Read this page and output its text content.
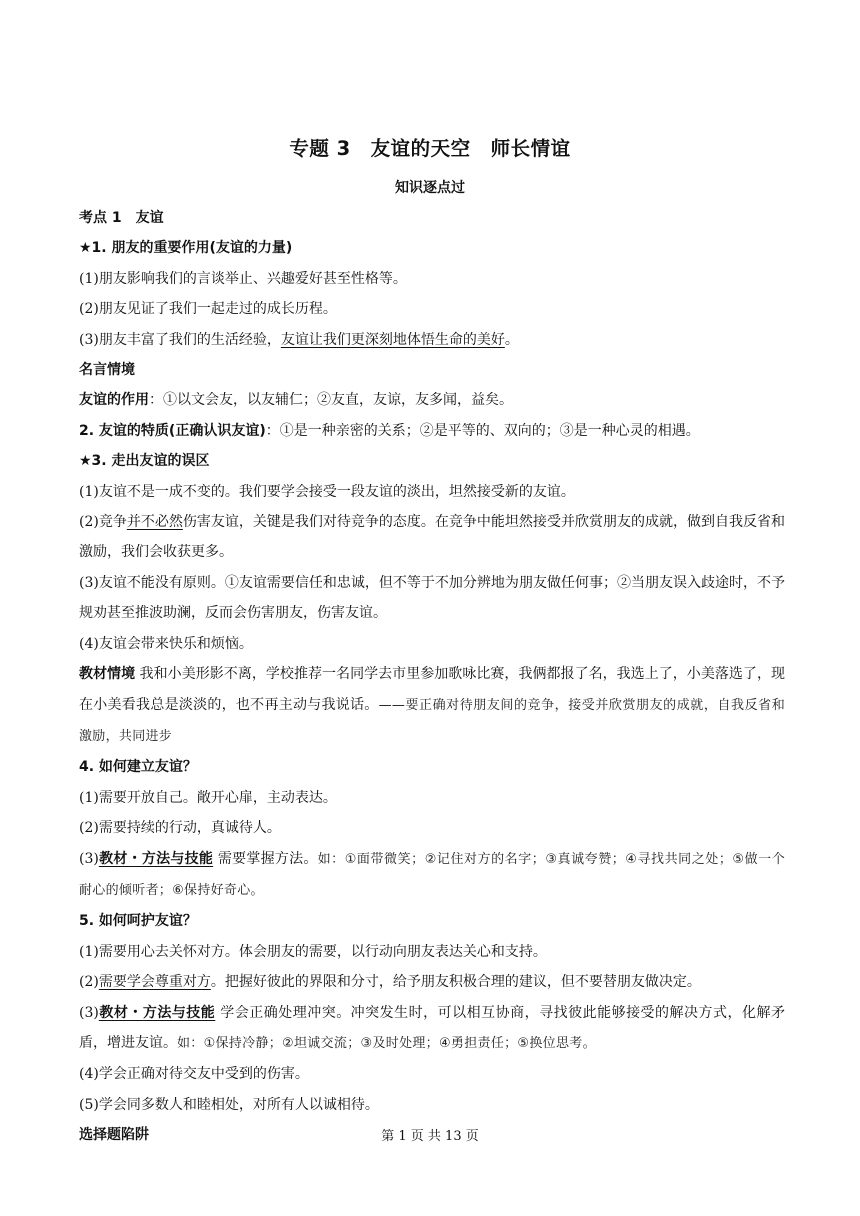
专题 3　友谊的天空　师长情谊
知识逐点过

考点 1　友谊

★1. 朋友的重要作用(友谊的力量)

(1)朋友影响我们的言谈举止、兴趣爱好甚至性格等。

(2)朋友见证了我们一起走过的成长历程。

(3)朋友丰富了我们的生活经验，友谊让我们更深刻地体悟生命的美好。

名言情境

友谊的作用：①以文会友，以友辅仁；②友直，友谅，友多闻，益矣。

2. 友谊的特质(正确认识友谊)：①是一种亲密的关系；②是平等的、双向的；③是一种心灵的相遇。

★3. 走出友谊的误区

(1)友谊不是一成不变的。我们要学会接受一段友谊的淡出，坦然接受新的友谊。

(2)竞争并不必然伤害友谊，关键是我们对待竞争的态度。在竞争中能坦然接受并欣赏朋友的成就，做到自我反省和激励，我们会收获更多。

(3)友谊不能没有原则。①友谊需要信任和忠诚，但不等于不加分辨地为朋友做任何事；②当朋友误入歧途时，不予规劝甚至推波助澜，反而会伤害朋友，伤害友谊。

(4)友谊会带来快乐和烦恼。

教材情境 我和小美形影不离，学校推荐一名同学去市里参加歌咏比赛，我俩都报了名，我选上了，小美落选了，现在小美看我总是淡淡的，也不再主动与我说话。——要正确对待朋友间的竞争，接受并欣赏朋友的成就，自我反省和激励，共同进步

4. 如何建立友谊？

(1)需要开放自己。敞开心扉，主动表达。

(2)需要持续的行动，真诚待人。

(3)教材・方法与技能 需要掌握方法。如：①面带微笑；②记住对方的名字；③真诚夸赞；④寻找共同之处；⑤做一个耐心的倾听者；⑥保持好奇心。

5. 如何呵护友谊？

(1)需要用心去关怀对方。体会朋友的需要，以行动向朋友表达关心和支持。

(2)需要学会尊重对方。把握好彼此的界限和分寸，给予朋友积极合理的建议，但不要替朋友做决定。

(3)教材・方法与技能 学会正确处理冲突。冲突发生时，可以相互协商，寻找彼此能够接受的解决方式，化解矛盾，增进友谊。如：①保持冷静；②坦诚交流；③及时处理；④勇担责任；⑤换位思考。

(4)学会正确对待交友中受到的伤害。

(5)学会同多数人和睦相处，对所有人以诚相待。

选择题陷阱	第 1 页 共 13 页
